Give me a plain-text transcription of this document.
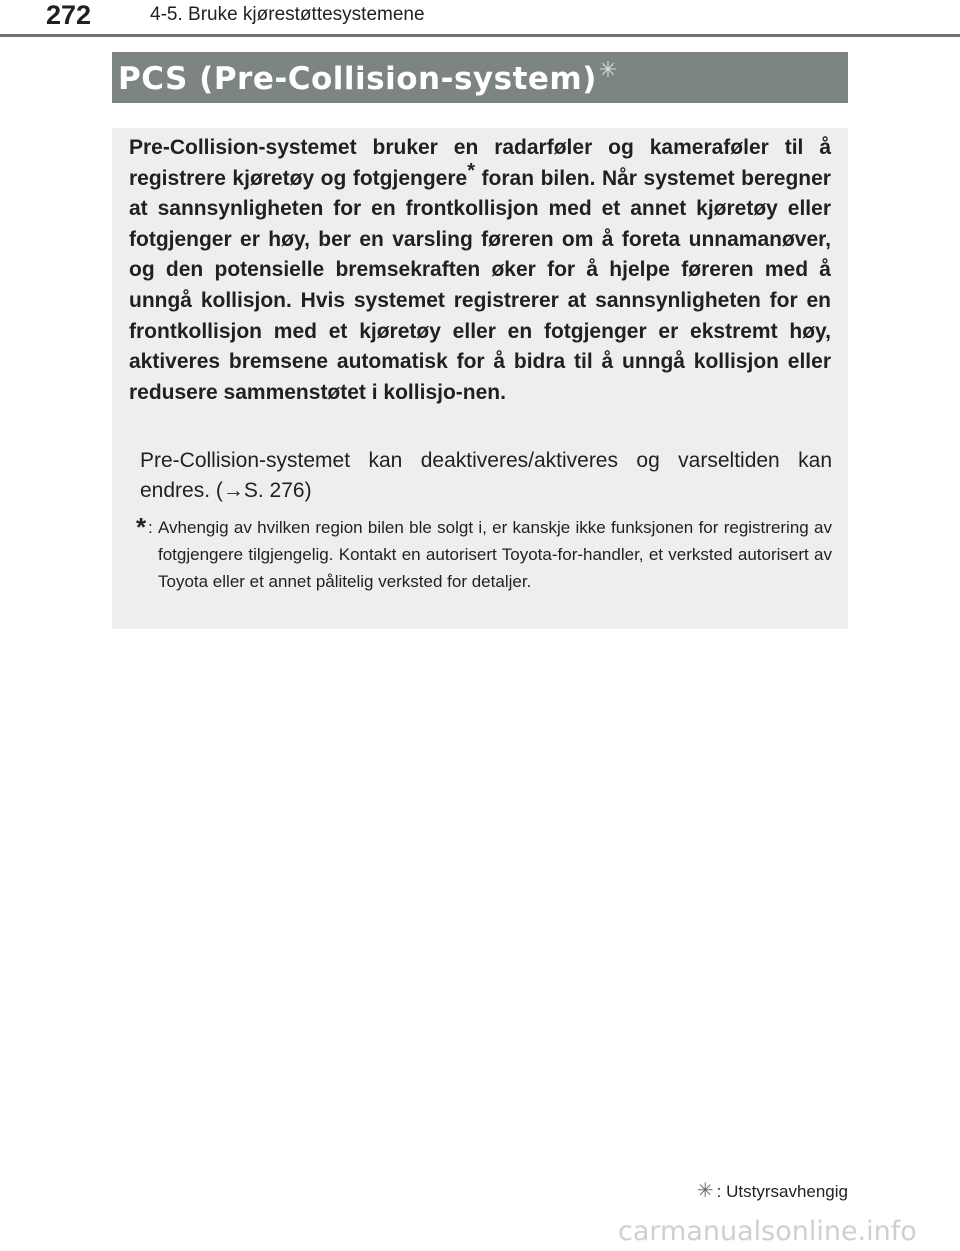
272	4-5. Bruke kjørestøttesystemene
PCS (Pre-Collision-system)✳
Pre-Collision-systemet bruker en radarføler og kameraføler til å registrere kjøretøy og fotgjengere* foran bilen. Når systemet beregner at sannsynligheten for en frontkollisjon med et annet kjøretøy eller fotgjenger er høy, ber en varsling føreren om å foreta unnamanøver, og den potensielle bremsekraften øker for å hjelpe føreren med å unngå kollisjon. Hvis systemet registrerer at sannsynligheten for en frontkollisjon med et kjøretøy eller en fotgjenger er ekstremt høy, aktiveres bremsene automatisk for å bidra til å unngå kollisjon eller redusere sammenstøtet i kollisjo-nen.
Pre-Collision-systemet kan deaktiveres/aktiveres og varseltiden kan endres. (→S. 276)
* : Avhengig av hvilken region bilen ble solgt i, er kanskje ikke funksjonen for registrering av fotgjengere tilgjengelig. Kontakt en autorisert Toyota-for-handler, et verksted autorisert av Toyota eller et annet pålitelig verksted for detaljer.
✳ : Utstyrsavhengig
carmanualsonline.info
